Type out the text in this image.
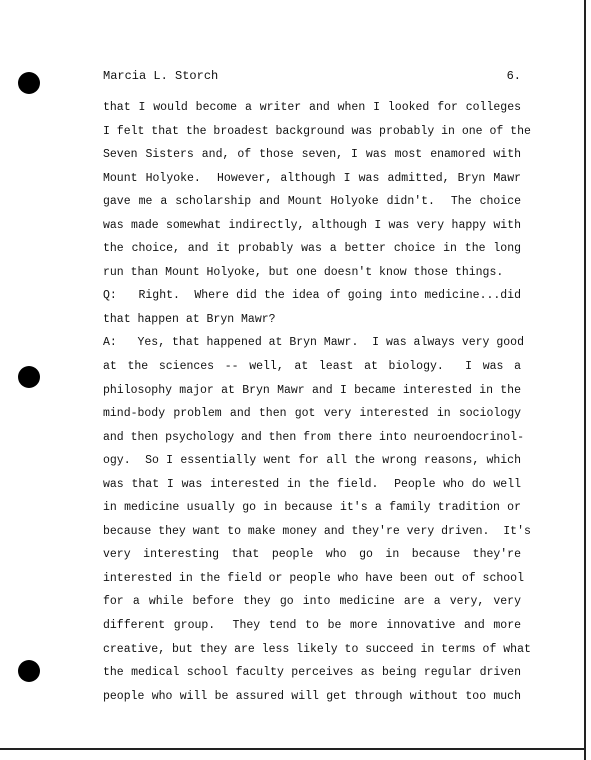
Marcia L. Storch	6.
that I would become a writer and when I looked for colleges
I felt that the broadest background was probably in one of the
Seven Sisters and, of those seven, I was most enamored with
Mount Holyoke.  However, although I was admitted, Bryn Mawr
gave me a scholarship and Mount Holyoke didn't.  The choice
was made somewhat indirectly, although I was very happy with
the choice, and it probably was a better choice in the long
run than Mount Holyoke, but one doesn't know those things.
Q:   Right.  Where did the idea of going into medicine...did
that happen at Bryn Mawr?
A:   Yes, that happened at Bryn Mawr.  I was always very good
at the sciences -- well, at least at biology.  I was a
philosophy major at Bryn Mawr and I became interested in the
mind-body problem and then got very interested in sociology
and then psychology and then from there into neuroendocrinol-
ogy.  So I essentially went for all the wrong reasons, which
was that I was interested in the field.  People who do well
in medicine usually go in because it's a family tradition or
because they want to make money and they're very driven.  It's
very interesting that people who go in because they're
interested in the field or people who have been out of school
for a while before they go into medicine are a very, very
different group.  They tend to be more innovative and more
creative, but they are less likely to succeed in terms of what
the medical school faculty perceives as being regular driven
people who will be assured will get through without too much
